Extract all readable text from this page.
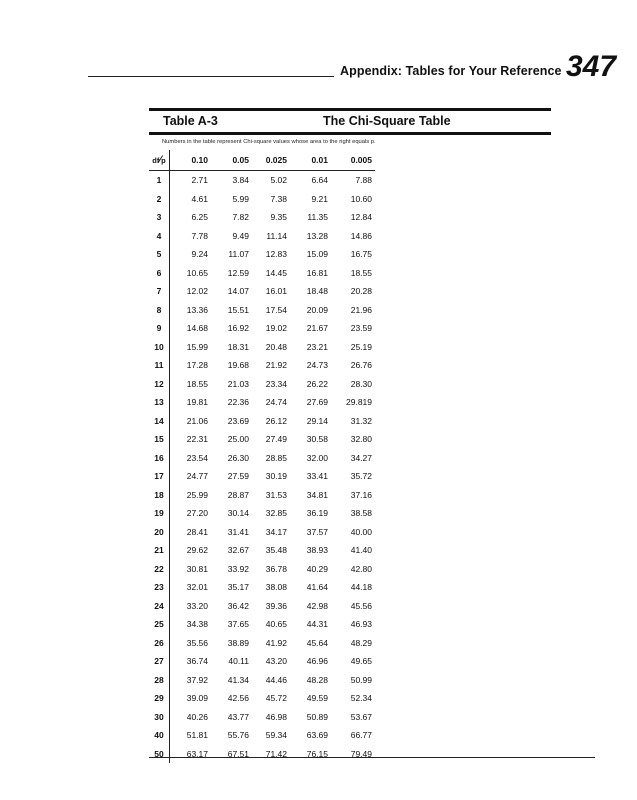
Appendix: Tables for Your Reference 347
Table A-3	The Chi-Square Table
Numbers in the table represent Chi-square values whose area to the right equals p.
df⁄p	0.10	0.05	0.025	0.01	0.005
1	2.71	3.84	5.02	6.64	7.88
2	4.61	5.99	7.38	9.21	10.60
3	6.25	7.82	9.35	11.35	12.84
4	7.78	9.49	11.14	13.28	14.86
5	9.24	11.07	12.83	15.09	16.75
6	10.65	12.59	14.45	16.81	18.55
7	12.02	14.07	16.01	18.48	20.28
8	13.36	15.51	17.54	20.09	21.96
9	14.68	16.92	19.02	21.67	23.59
10	15.99	18.31	20.48	23.21	25.19
11	17.28	19.68	21.92	24.73	26.76
12	18.55	21.03	23.34	26.22	28.30
13	19.81	22.36	24.74	27.69	29.819
14	21.06	23.69	26.12	29.14	31.32
15	22.31	25.00	27.49	30.58	32.80
16	23.54	26.30	28.85	32.00	34.27
17	24.77	27.59	30.19	33.41	35.72
18	25.99	28.87	31.53	34.81	37.16
19	27.20	30.14	32.85	36.19	38.58
20	28.41	31.41	34.17	37.57	40.00
21	29.62	32.67	35.48	38.93	41.40
22	30.81	33.92	36.78	40.29	42.80
23	32.01	35.17	38.08	41.64	44.18
24	33.20	36.42	39.36	42.98	45.56
25	34.38	37.65	40.65	44.31	46.93
26	35.56	38.89	41.92	45.64	48.29
27	36.74	40.11	43.20	46.96	49.65
28	37.92	41.34	44.46	48.28	50.99
29	39.09	42.56	45.72	49.59	52.34
30	40.26	43.77	46.98	50.89	53.67
40	51.81	55.76	59.34	63.69	66.77
50	63.17	67.51	71.42	76.15	79.49
